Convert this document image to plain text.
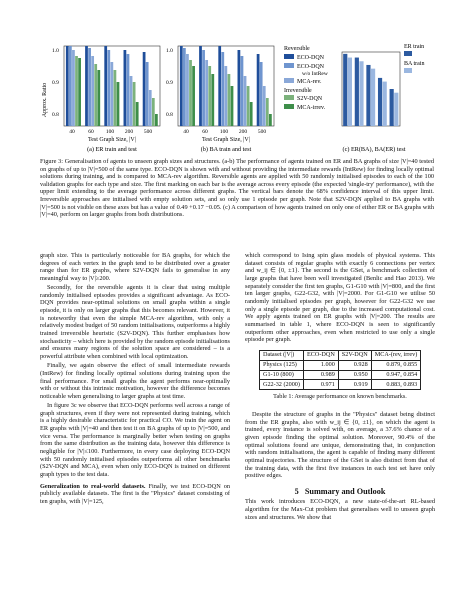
Approx. Ratio
1.0
0.9
0.8
40 60 100 200 500
Test Graph Size, |V|
(a) ER train and test
1.0
0.9
0.8
40 60 100 200 500
Test Graph Size, |V|
(b) BA train and test
Reversible
ECO-DQN
ECO-DQN
w/o IntRew
MCA-rev.
Irreversible
S2V-DQN
MCA-irrev.
ER train
BA train
(c) ER(BA), BA(ER) test
Figure 3: Generalisation of agents to unseen graph sizes and structures. (a-b) The performance of agents trained on ER and BA graphs of size |V|=40 tested on graphs of up to |V|=500 of the same type. ECO-DQN is shown with and without providing the intermediate rewards (IntRew) for finding locally optimal solutions during training, and is compared to MCA-rev algorithm. Reversible agents are applied with 50 randomly initialised episodes to each of the 100 validation graphs for each type and size. The first marking on each bar is the average across every episode (the expected 'single-try' performance), with the upper limit extending to the average performance across different graphs. The vertical bars denote the 68% confidence interval of this upper limit. Irreversible approaches are initialised with empty solution sets, and so only use 1 episode per graph. Note that S2V-DQN applied to BA graphs with |V|=500 is not visible on these axes but has a value of 0.49 +0.17 −0.05. (c) A comparison of how agents trained on only one of either ER or BA graphs with |V|=40, perform on larger graphs from both distributions.

graph size. This is particularly noticeable for BA graphs, for which the degrees of each vertex in the graph tend to be distributed over a greater range than for ER graphs, where S2V-DQN fails to generalise in any meaningful way to |V|≥200.

Secondly, for the reversible agents it is clear that using multiple randomly initialised episodes provides a significant advantage. As ECO-DQN provides near-optimal solutions on small graphs within a single episode, it is only on larger graphs that this becomes relevant. However, it is noteworthy that even the simple MCA-rev algorithm, with only a relatively modest budget of 50 random initialisations, outperforms a highly trained irreversible heuristic (S2V-DQN). This further emphasises how stochasticity – which here is provided by the random episode initialisations and ensures many regions of the solution space are considered – is a powerful attribute when combined with local optimization.

Finally, we again observe the effect of small intermediate rewards (IntRew) for finding locally optimal solutions during training upon the final performance. For small graphs the agent performs near-optimally with or without this intrinsic motivation, however the difference becomes noticeable when generalising to larger graphs at test time.

In figure 3c we observe that ECO-DQN performs well across a range of graph structures, even if they were not represented during training, which is a highly desirable characteristic for practical CO. We train the agent on ER graphs with |V|=40 and then test it on BA graphs of up to |V|=500, and vice versa. The performance is marginally better when testing on graphs from the same distribution as the training data, however this difference is negligible for |V|≤100. Furthermore, in every case deploying ECO-DQN with 50 randomly initialised episodes outperforms all other benchmarks (S2V-DQN and MCA), even when only ECO-DQN is trained on different graph types to the test data.

Generalization to real-world datasets. Finally, we test ECO-DQN on publicly available datasets. The first is the "Physics" dataset consisting of ten graphs, with |V|=125,

which correspond to Ising spin glass models of physical systems. This dataset consists of regular graphs with exactly 6 connections per vertex and w_ij ∈ {0, ±1}. The second is the GSet, a benchmark collection of large graphs that have been well investigated (Benlic and Hao 2013). We separately consider the first ten graphs, G1-G10 with |V|=800, and the first ten larger graphs, G22-G32, with |V|=2000. For G1-G10 we utilise 50 randomly initialised episodes per graph, however for G22-G32 we use only a single episode per graph, due to the increased computational cost. We apply agents trained on ER graphs with |V|=200. The results are summarised in table 1, where ECO-DQN is seen to significantly outperform other approaches, even when restricted to use only a single episode per graph.

Dataset (|V|)	ECO-DQN	S2V-DQN	MCA-(rev, irrev)
Physics (125)	1.000	0.928	0.879, 0.855
G1-10 (800)	0.989	0.950	0.947, 0.854
G22-32 (2000)	0.971	0.919	0.883, 0.893
Table 1: Average performance on known benchmarks.

Despite the structure of graphs in the "Physics" dataset being distinct from the ER graphs, also with w_ij ∈ {0, ±1}, on which the agent is trained, every instance is solved with, on average, a 37.6% chance of a given episode finding the optimal solution. Moreover, 90.4% of the optimal solutions found are unique, demonstrating that, in conjunction with random initialisations, the agent is capable of finding many different optimal trajectories. The structure of the GSet is also distinct from that of the training data, with the first five instances in each test set have only positive edges.

5 Summary and Outlook

This work introduces ECO-DQN, a new state-of-the-art RL-based algorithm for the Max-Cut problem that generalises well to unseen graph sizes and structures. We show that
